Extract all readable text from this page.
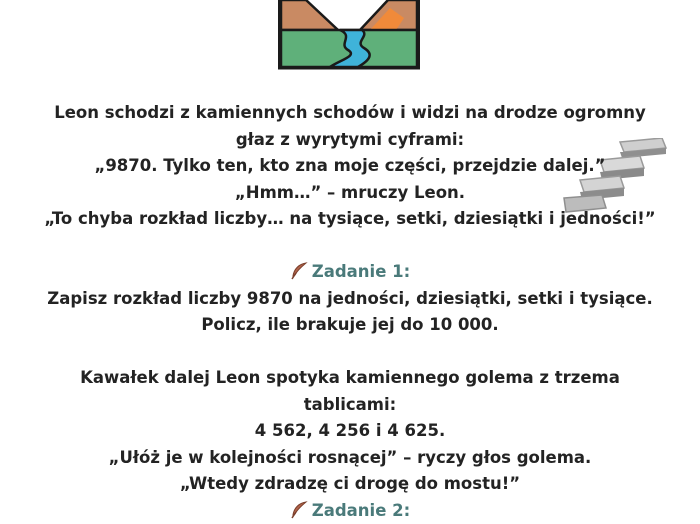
Leon schodzi z kamiennych schodów i widzi na drodze ogromny
głaz z wyrytymi cyframi:
„9870. Tylko ten, kto zna moje części, przejdzie dalej.”
„Hmm…” – mruczy Leon.
„To chyba rozkład liczby… na tysiące, setki, dziesiątki i jedności!”
Zadanie 1:
Zapisz rozkład liczby 9870 na jedności, dziesiątki, setki i tysiące.
Policz, ile brakuje jej do 10 000.
Kawałek dalej Leon spotyka kamiennego golema z trzema
tablicami:
4 562, 4 256 i 4 625.
„Ułóż je w kolejności rosnącej” – ryczy głos golema.
„Wtedy zdradzę ci drogę do mostu!”
Zadanie 2:
